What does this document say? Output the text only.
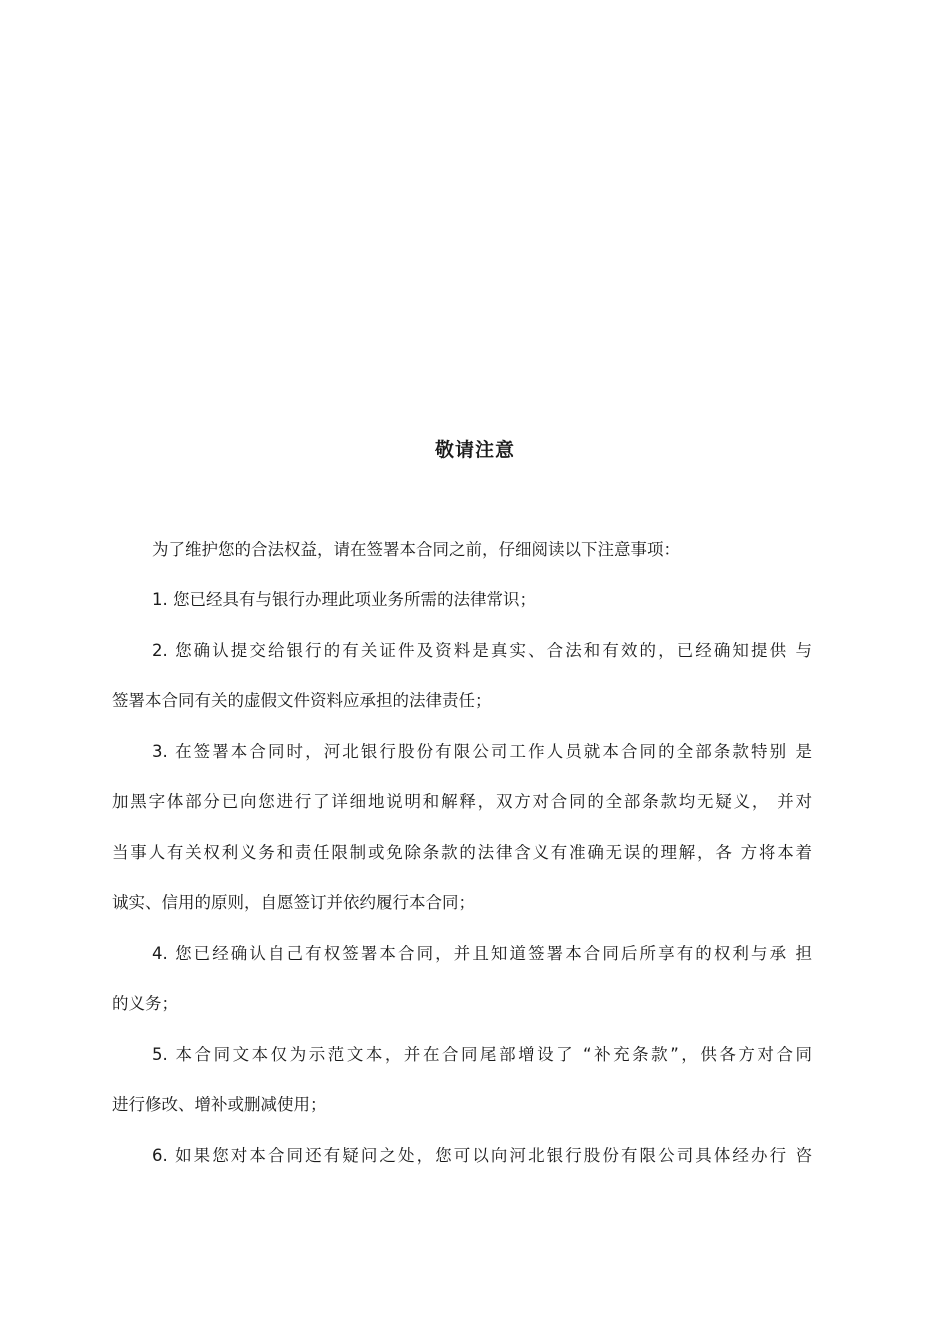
敬请注意
为了维护您的合法权益，请在签署本合同之前，仔细阅读以下注意事项：
1. 您已经具有与银行办理此项业务所需的法律常识；
2. 您确认提交给银行的有关证件及资料是真实、合法和有效的，已经确知提供 与
签署本合同有关的虚假文件资料应承担的法律责任；
3. 在签署本合同时，河北银行股份有限公司工作人员就本合同的全部条款特别 是
加黑字体部分已向您进行了详细地说明和解释，双方对合同的全部条款均无疑义， 并对
当事人有关权利义务和责任限制或免除条款的法律含义有准确无误的理解，各 方将本着
诚实、信用的原则，自愿签订并依约履行本合同；
4. 您已经确认自己有权签署本合同，并且知道签署本合同后所享有的权利与承 担
的义务；
5. 本合同文本仅为示范文本，并在合同尾部增设了 “补充条款”，供各方对合同
进行修改、增补或删减使用；
6. 如果您对本合同还有疑问之处，您可以向河北银行股份有限公司具体经办行 咨
